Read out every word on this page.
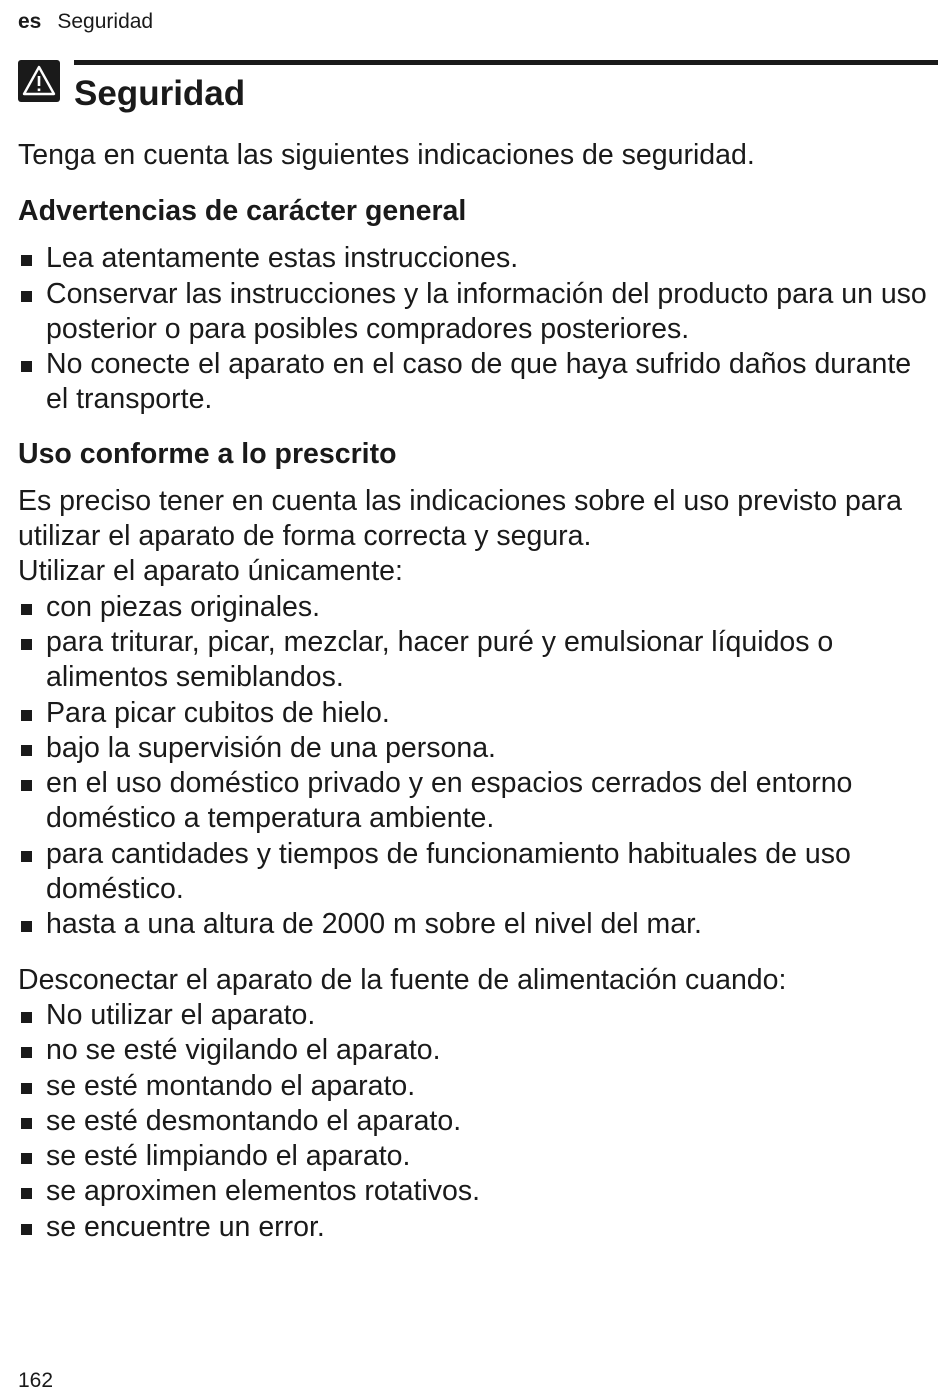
es Seguridad
Seguridad

Tenga en cuenta las siguientes indicaciones de seguridad.

Advertencias de carácter general
Lea atentamente estas instrucciones.
Conservar las instrucciones y la información del producto para un uso posterior o para posibles compradores posteriores.
No conecte el aparato en el caso de que haya sufrido daños durante el transporte.
Uso conforme a lo prescrito

Es preciso tener en cuenta las indicaciones sobre el uso previsto para utilizar el aparato de forma correcta y segura.

Utilizar el aparato únicamente:

con piezas originales.
para triturar, picar, mezclar, hacer puré y emulsionar líquidos o alimentos semiblandos.
Para picar cubitos de hielo.
bajo la supervisión de una persona.
en el uso doméstico privado y en espacios cerrados del entorno doméstico a temperatura ambiente.
para cantidades y tiempos de funcionamiento habituales de uso doméstico.
hasta a una altura de 2000 m sobre el nivel del mar.

Desconectar el aparato de la fuente de alimentación cuando:

No utilizar el aparato.
no se esté vigilando el aparato.
se esté montando el aparato.
se esté desmontando el aparato.
se esté limpiando el aparato.
se aproximen elementos rotativos.
se encuentre un error.
162
